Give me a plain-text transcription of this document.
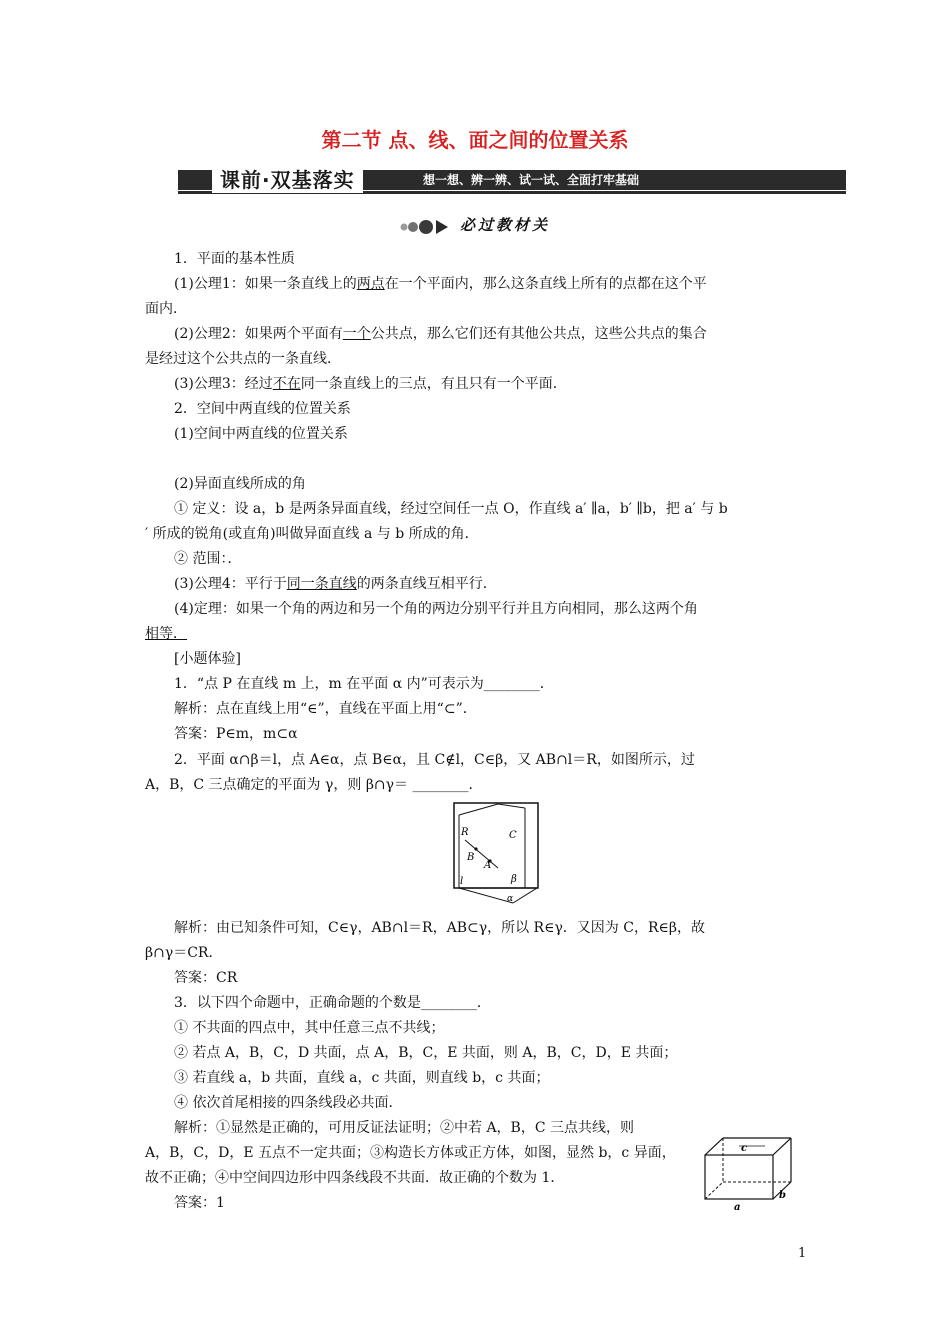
第二节 点、线、面之间的位置关系
课前·双基落实	想一想、辨一辨、试一试、全面打牢基础
必过教材关
1．平面的基本性质
(1)公理1：如果一条直线上的两点在一个平面内，那么这条直线上所有的点都在这个平
面内．
(2)公理2：如果两个平面有一个公共点，那么它们还有其他公共点，这些公共点的集合
是经过这个公共点的一条直线．
(3)公理3：经过不在同一条直线上的三点，有且只有一个平面．
2．空间中两直线的位置关系
(1)空间中两直线的位置关系
(2)异面直线所成的角
① 定义：设 a，b 是两条异面直线，经过空间任一点 O，作直线 a′ ∥a，b′ ∥b，把 a′ 与 b
′ 所成的锐角(或直角)叫做异面直线 a 与 b 所成的角．
② 范围：．
(3)公理4：平行于同一条直线的两条直线互相平行．
(4)定理：如果一个角的两边和另一个角的两边分别平行并且方向相同，那么这两个角
相等．
[小题体验]
1．“点 P 在直线 m 上，m 在平面 α 内”可表示为________．
解析：点在直线上用“∈”，直线在平面上用“⊂”．
答案：P∈m，m⊂α
2．平面 α∩β＝l，点 A∈α，点 B∈α，且 C∉l，C∈β，又 AB∩l＝R，如图所示，过
A，B，C 三点确定的平面为 γ，则 β∩γ＝ ________．
R	C
B
A
l	β
α
解析：由已知条件可知，C∈γ，AB∩l＝R，AB⊂γ，所以 R∈γ．又因为 C，R∈β，故
β∩γ＝CR．
答案：CR
3．以下四个命题中，正确命题的个数是________．
① 不共面的四点中，其中任意三点不共线；
② 若点 A，B，C，D 共面，点 A，B，C，E 共面，则 A，B，C，D，E 共面；
③ 若直线 a，b 共面，直线 a，c 共面，则直线 b，c 共面；
④ 依次首尾相接的四条线段必共面．
解析：①显然是正确的，可用反证法证明；②中若 A，B，C 三点共线，则
A，B，C，D，E 五点不一定共面；③构造长方体或正方体，如图，显然 b，c 异面，
故不正确；④中空间四边形中四条线段不共面．故正确的个数为 1．
答案：1
c
a
b
1
